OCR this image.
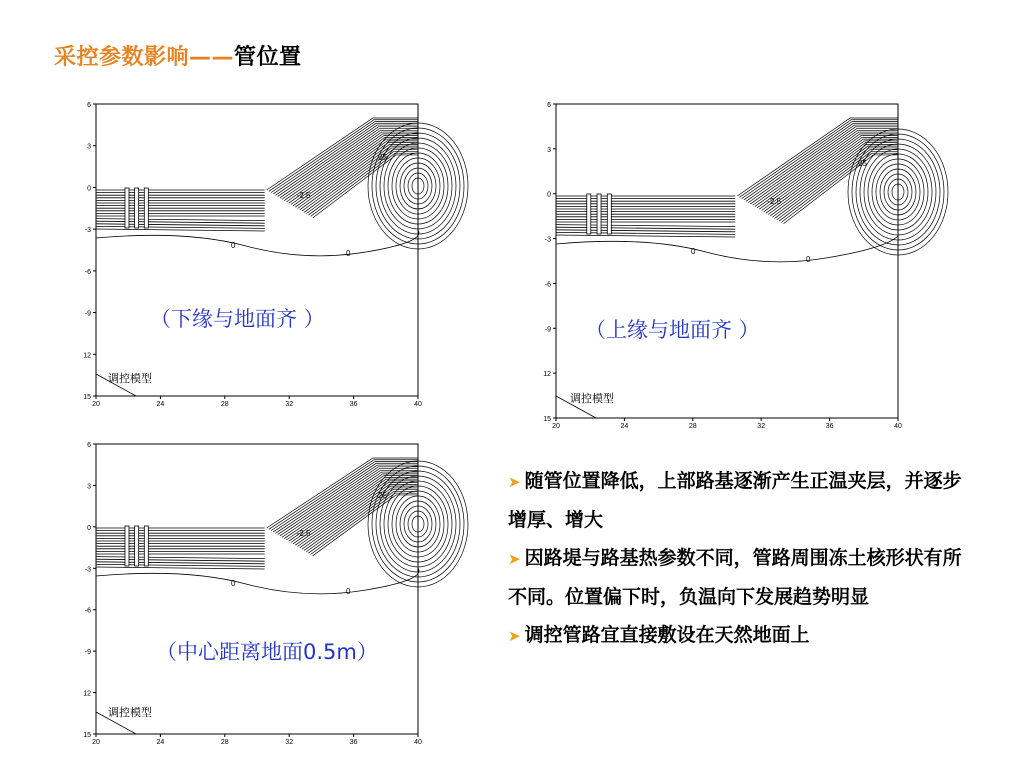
采控参数影响——管位置
6
3
0
-3
-6
-9
12
15
20	24	28	32	36	40
0
0
-2.5
25
（下缘与地面齐 ）
调控模型
6
3
0
-3
-6
-9
12
15
20	24	28	32	36	40
0
0
-2.5
25
（上缘与地面齐 ）
调控模型
6
3
0
-3
-6
-9
12
15
20	24	28	32	36	40
0
0
-2.5
25
（中心距离地面0.5m）
调控模型
➤ 随管位置降低，上部路基逐渐产生正温夹层，并逐步增厚、增大
➤ 因路堤与路基热参数不同，管路周围冻土核形状有所不同。位置偏下时，负温向下发展趋势明显
➤ 调控管路宜直接敷设在天然地面上
